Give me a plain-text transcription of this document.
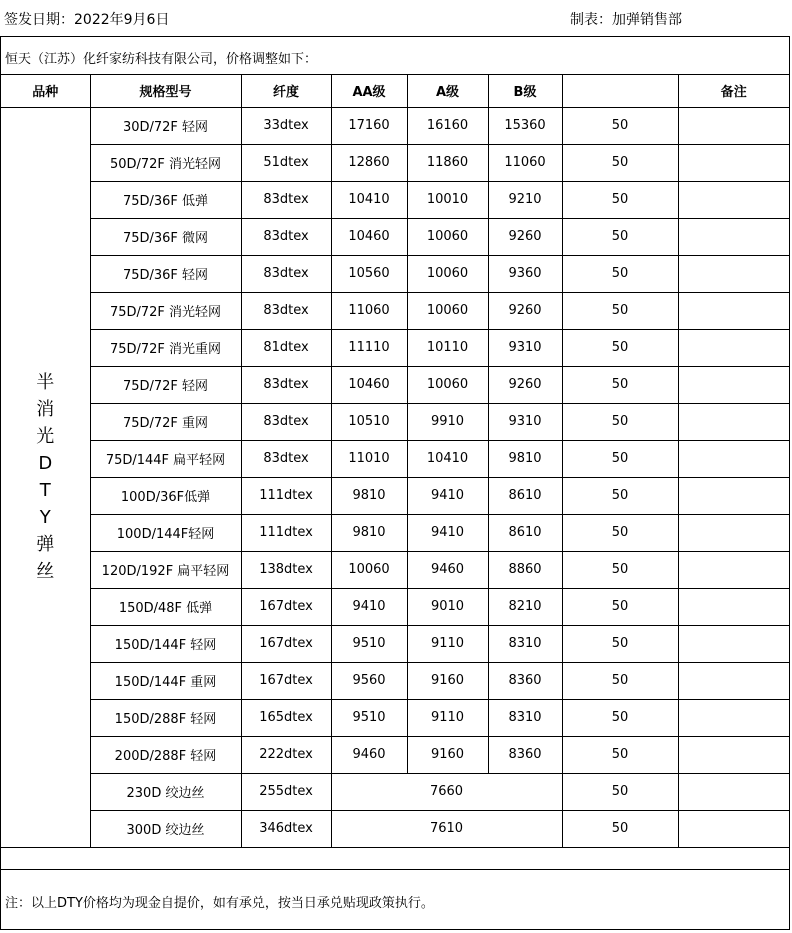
签发日期：2022年9月6日	制表：加弹销售部
恒天（江苏）化纤家纺科技有限公司，价格调整如下：
品种	规格型号	纤度	AA级	A级	B级		备注
半消光DTY弹丝	30D/72F 轻网	33dtex	17160	16160	15360	50	
	50D/72F 消光轻网	51dtex	12860	11860	11060	50	
	75D/36F 低弹	83dtex	10410	10010	9210	50	
	75D/36F 微网	83dtex	10460	10060	9260	50	
	75D/36F 轻网	83dtex	10560	10060	9360	50	
	75D/72F 消光轻网	83dtex	11060	10060	9260	50	
	75D/72F 消光重网	81dtex	11110	10110	9310	50	
	75D/72F 轻网	83dtex	10460	10060	9260	50	
	75D/72F 重网	83dtex	10510	9910	9310	50	
	75D/144F 扁平轻网	83dtex	11010	10410	9810	50	
	100D/36F低弹	111dtex	9810	9410	8610	50	
	100D/144F轻网	111dtex	9810	9410	8610	50	
	120D/192F 扁平轻网	138dtex	10060	9460	8860	50	
	150D/48F 低弹	167dtex	9410	9010	8210	50	
	150D/144F 轻网	167dtex	9510	9110	8310	50	
	150D/144F 重网	167dtex	9560	9160	8360	50	
	150D/288F 轻网	165dtex	9510	9110	8310	50	
	200D/288F 轻网	222dtex	9460	9160	8360	50	
	230D 绞边丝	255dtex	7660			50	
	300D 绞边丝	346dtex	7610			50	
注：以上DTY价格均为现金自提价，如有承兑，按当日承兑贴现政策执行。
